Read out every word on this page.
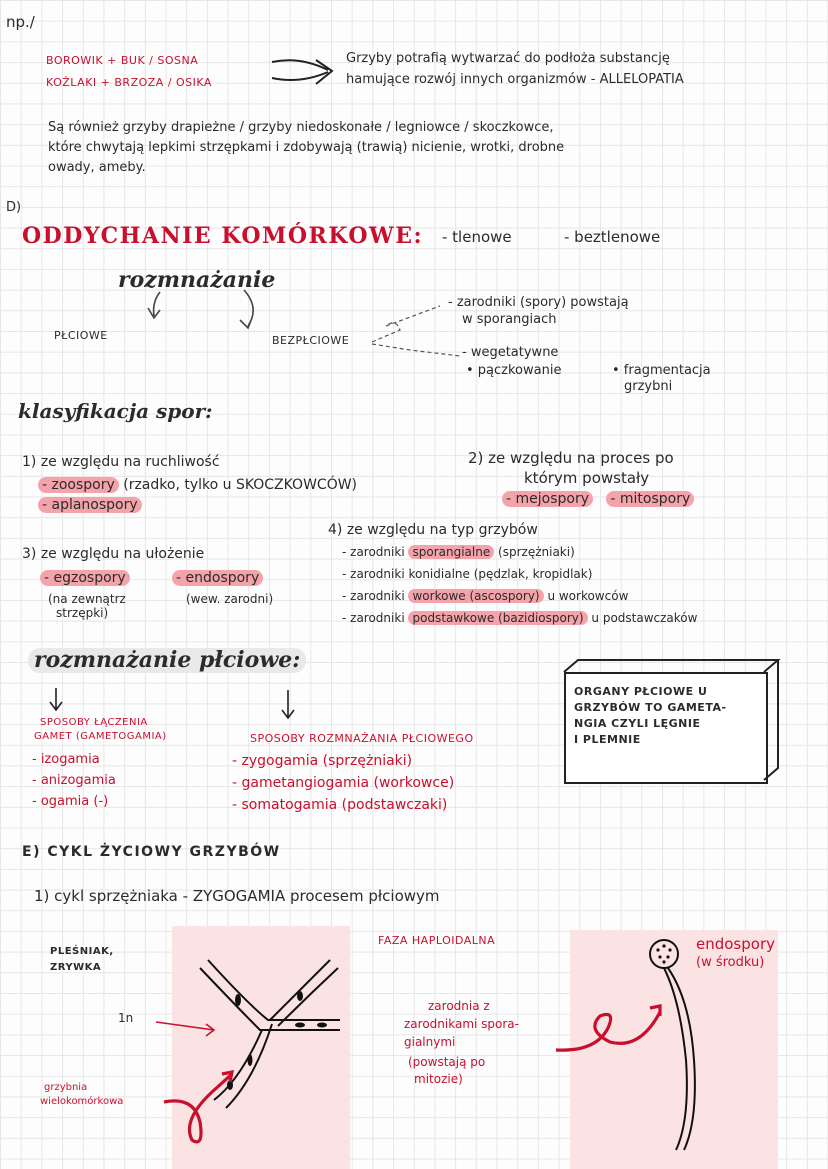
np./
BOROWIK + BUK / SOSNA
KOŹLAKI + BRZOZA / OSIKA
Grzyby potrafią wytwarzać do podłoża substancję
hamujące rozwój innych organizmów - ALLELOPATIA
Są również grzyby drapieżne / grzyby niedoskonałe / legniowce / skoczkowce,
które chwytają lepkimi strzępkami i zdobywają (trawią) nicienie, wrotki, drobne
owady, ameby.
D)
ODDYCHANIE KOMÓRKOWE: - tlenowe	- beztlenowe
rozmnażanie
PŁCIOWE	BEZPŁCIOWE
- zarodniki (spory) powstają
w sporangiach
- wegetatywne
• pączkowanie	• fragmentacja
grzybni
klasyfikacja spor:
1) ze względu na ruchliwość
- zoospory (rzadko, tylko u SKOCZKOWCÓW)
- aplanospory
2) ze względu na proces po
którym powstały
- mejospory - mitospory
3) ze względu na ułożenie
- egzospory	- endospory
(na zewnątrz
strzępki)
(wew. zarodni)
4) ze względu na typ grzybów
- zarodniki sporangialne (sprzężniaki)
- zarodniki konidialne (pędzlak, kropidlak)
- zarodniki workowe (ascospory) u workowców
- zarodniki podstawkowe (bazidiospory) u podstawczaków
rozmnażanie płciowe:
SPOSOBY ŁĄCZENIA
GAMET (GAMETOGAMIA)
- izogamia
- anizogamia
- ogamia (-)
SPOSOBY ROZMNAŻANIA PŁCIOWEGO
- zygogamia (sprzężniaki)
- gametangiogamia (workowce)
- somatogamia (podstawczaki)
ORGANY PŁCIOWE U
GRZYBÓW TO GAMETA-
NGIA CZYLI LĘGNIE
I PLEMNIE
E) CYKL ŻYCIOWY GRZYBÓW
1) cykl sprzężniaka - ZYGOGAMIA procesem płciowym
PLEŚNIAK,
ZRYWKA
1n
grzybnia
wielokomórkowa
FAZA HAPLOIDALNA
zarodnia z
zarodnikami spora-
gialnymi
(powstają po
mitozie)
endospory
(w środku)
